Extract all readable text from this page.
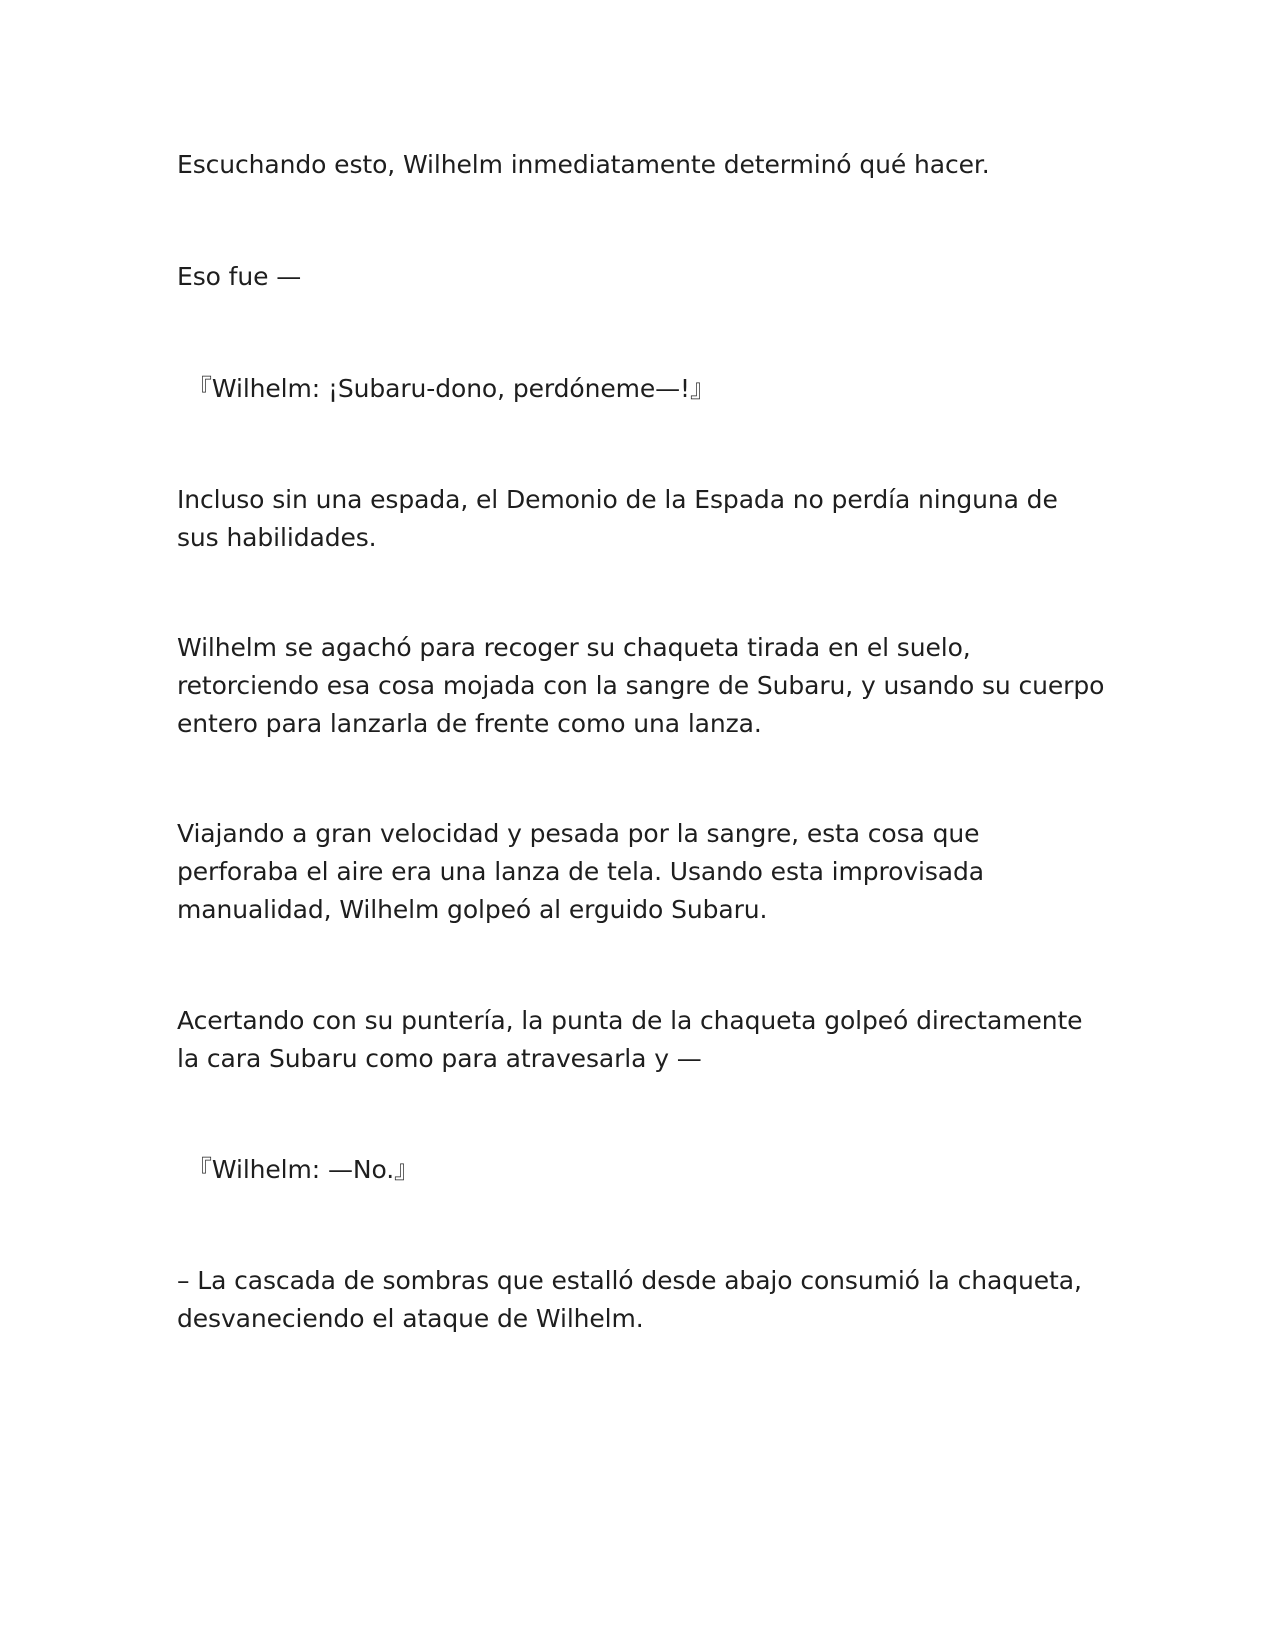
Escuchando esto, Wilhelm inmediatamente determinó qué hacer.

Eso fue —

『Wilhelm: ¡Subaru-dono, perdóneme—!』

Incluso sin una espada, el Demonio de la Espada no perdía ninguna de sus habilidades.

Wilhelm se agachó para recoger su chaqueta tirada en el suelo, retorciendo esa cosa mojada con la sangre de Subaru, y usando su cuerpo entero para lanzarla de frente como una lanza.

Viajando a gran velocidad y pesada por la sangre, esta cosa que perforaba el aire era una lanza de tela. Usando esta improvisada manualidad, Wilhelm golpeó al erguido Subaru.

Acertando con su puntería, la punta de la chaqueta golpeó directamente la cara Subaru como para atravesarla y —

『Wilhelm: —No.』

– La cascada de sombras que estalló desde abajo consumió la chaqueta, desvaneciendo el ataque de Wilhelm.
